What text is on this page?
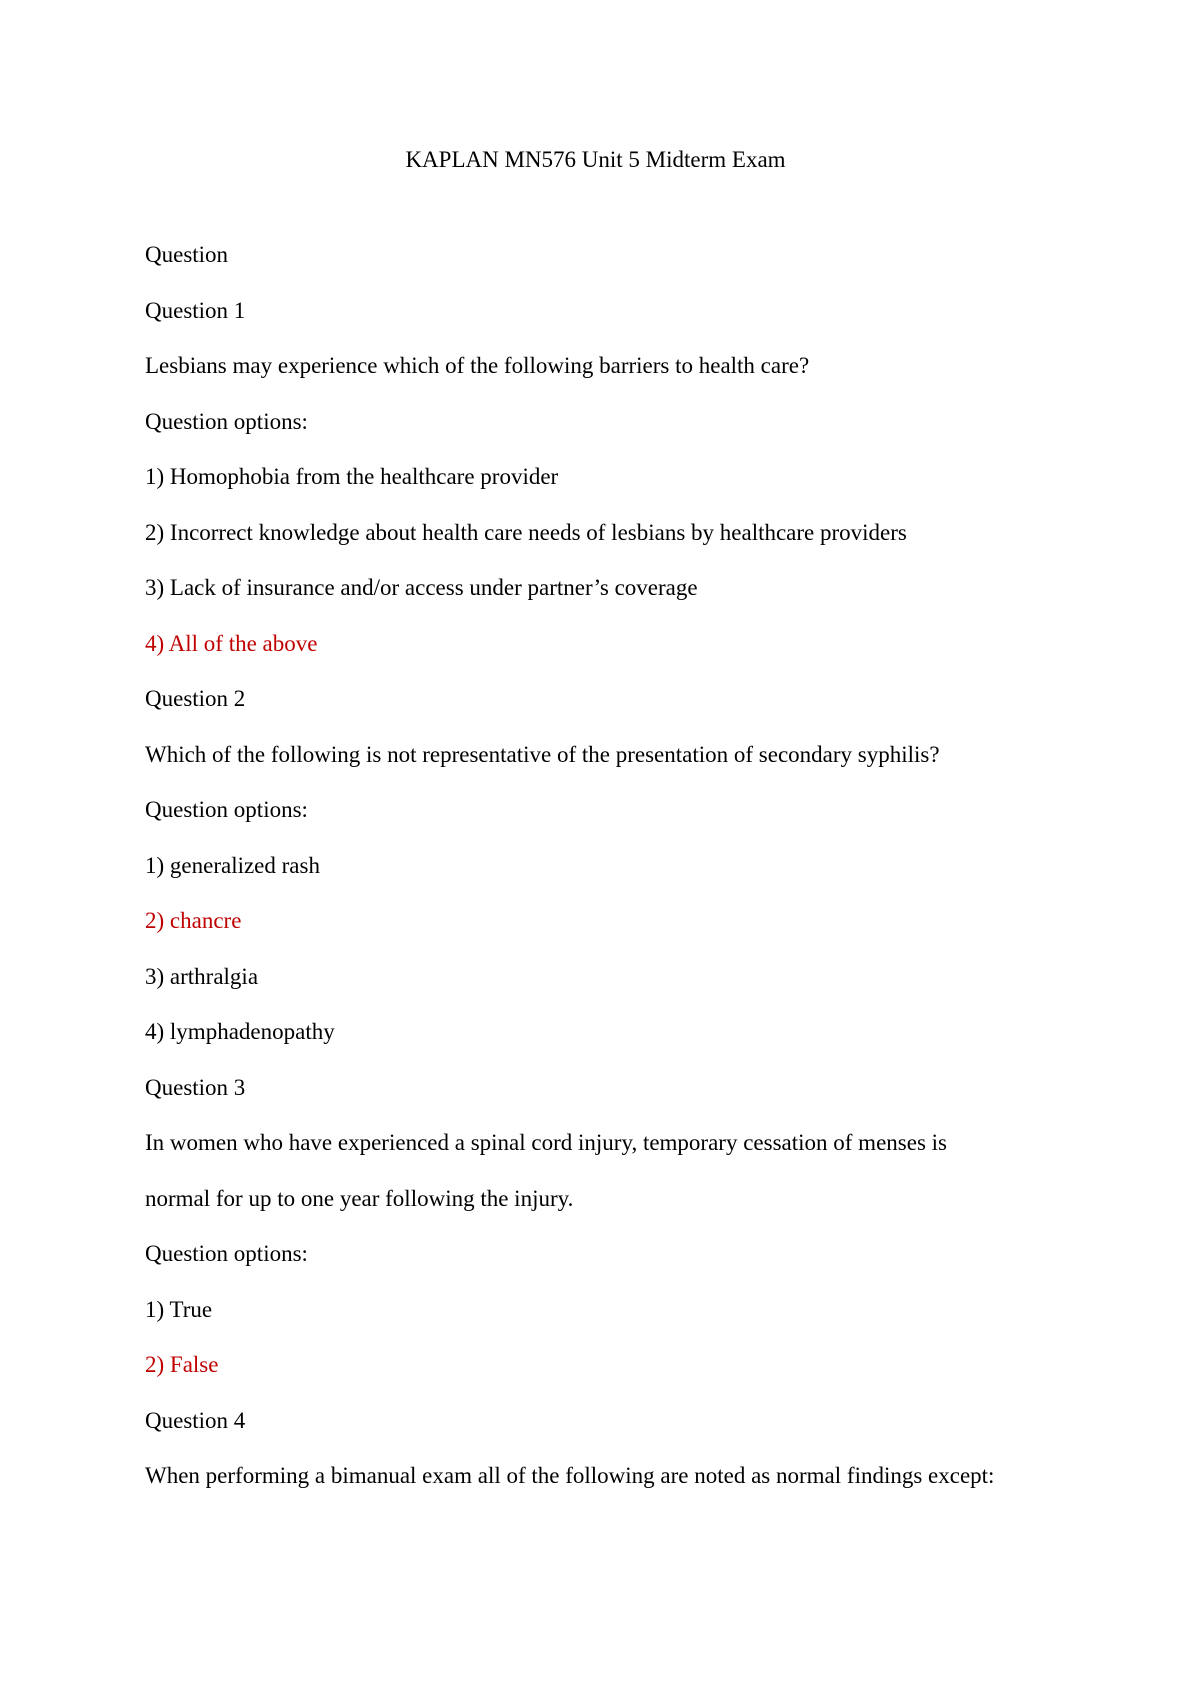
KAPLAN MN576 Unit 5 Midterm Exam
Question
Question 1
Lesbians may experience which of the following barriers to health care?
Question options:
1) Homophobia from the healthcare provider
2) Incorrect knowledge about health care needs of lesbians by healthcare providers
3) Lack of insurance and/or access under partner’s coverage
4) All of the above
Question 2
Which of the following is not representative of the presentation of secondary syphilis?
Question options:
1) generalized rash
2) chancre
3) arthralgia
4) lymphadenopathy
Question 3
In women who have experienced a spinal cord injury, temporary cessation of menses is
normal for up to one year following the injury.
Question options:
1) True
2) False
Question 4
When performing a bimanual exam all of the following are noted as normal findings except:
